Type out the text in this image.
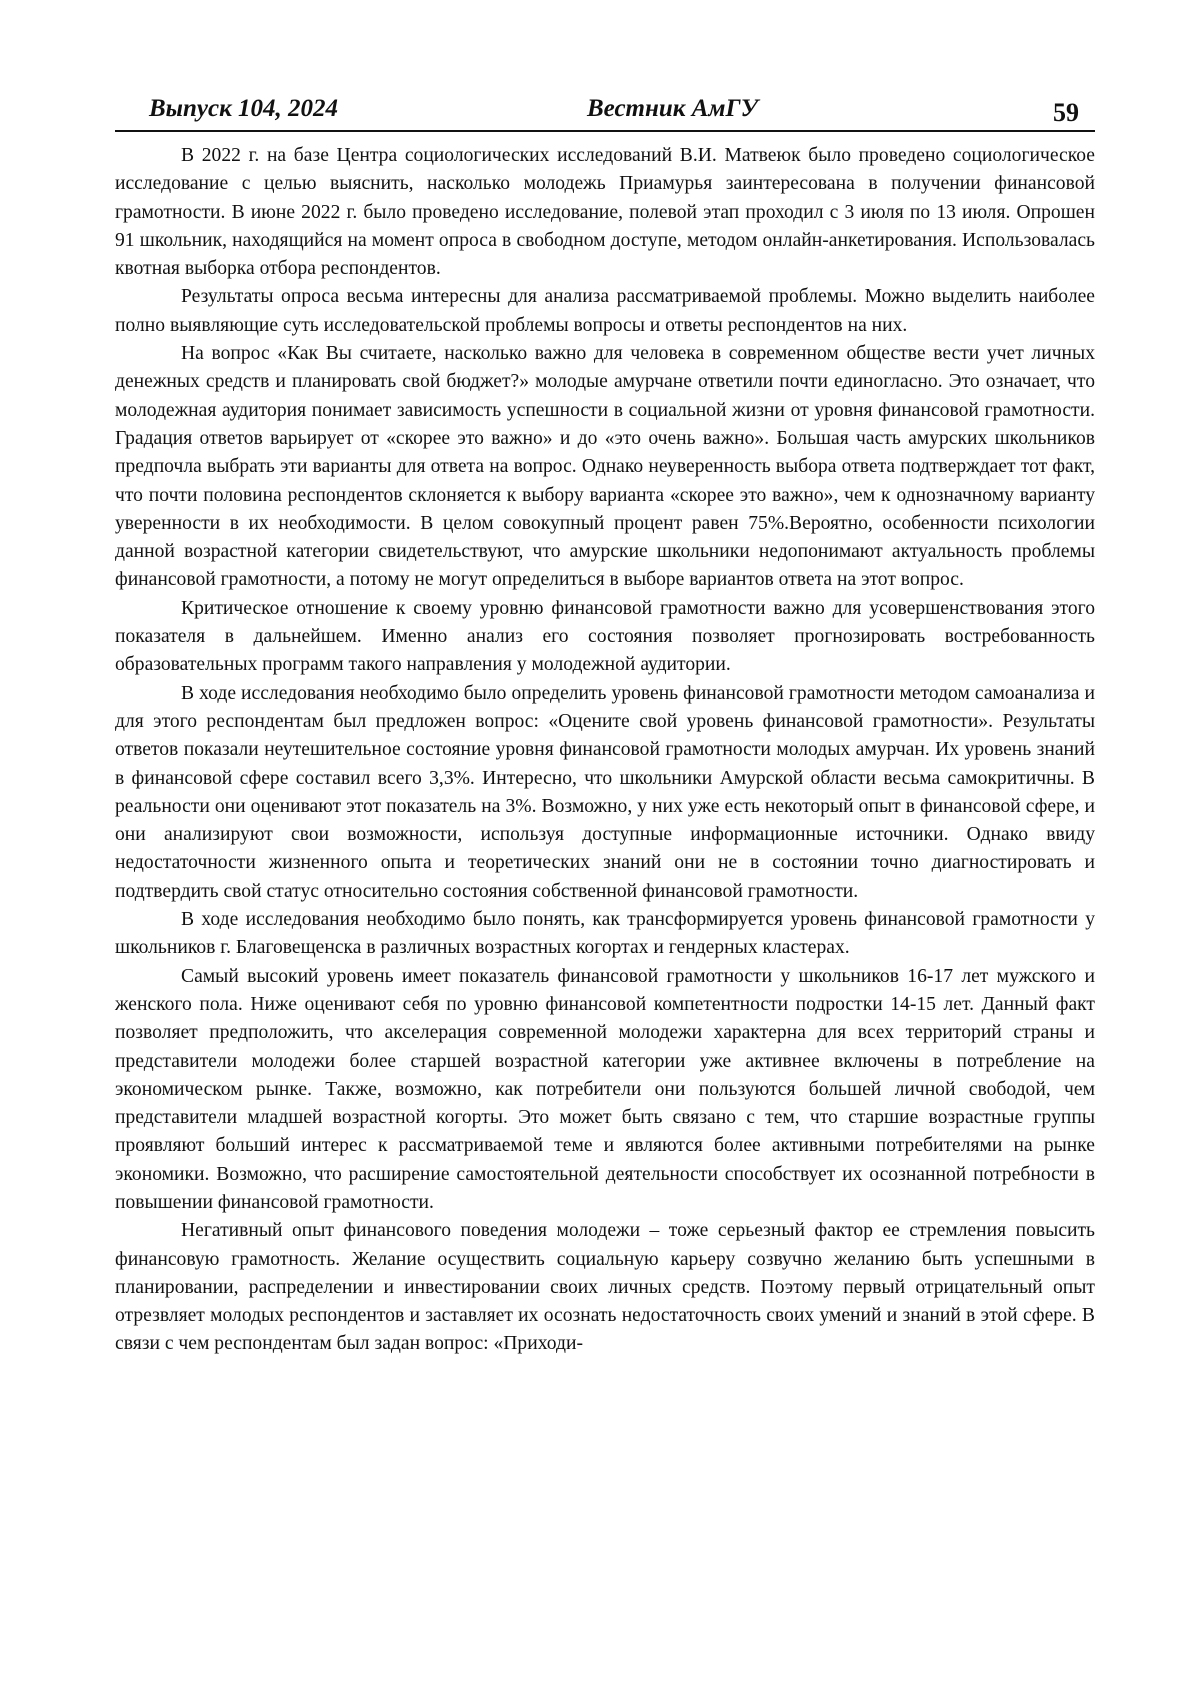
Выпуск 104, 2024	Вестник АмГУ	59

В 2022 г. на базе Центра социологических исследований В.И. Матвеюк было проведено социологическое исследование с целью выяснить, насколько молодежь Приамурья заинтересована в получении финансовой грамотности. В июне 2022 г. было проведено исследование, полевой этап проходил с 3 июля по 13 июля. Опрошен 91 школьник, находящийся на момент опроса в свободном доступе, методом онлайн-анкетирования. Использовалась квотная выборка отбора респондентов.

Результаты опроса весьма интересны для анализа рассматриваемой проблемы. Можно выделить наиболее полно выявляющие суть исследовательской проблемы вопросы и ответы респондентов на них.

На вопрос «Как Вы считаете, насколько важно для человека в современном обществе вести учет личных денежных средств и планировать свой бюджет?» молодые амурчане ответили почти единогласно. Это означает, что молодежная аудитория понимает зависимость успешности в социальной жизни от уровня финансовой грамотности. Градация ответов варьирует от «скорее это важно» и до «это очень важно». Большая часть амурских школьников предпочла выбрать эти варианты для ответа на вопрос. Однако неуверенность выбора ответа подтверждает тот факт, что почти половина респондентов склоняется к выбору варианта «скорее это важно», чем к однозначному варианту уверенности в их необходимости. В целом совокупный процент равен 75%.Вероятно, особенности психологии данной возрастной категории свидетельствуют, что амурские школьники недопонимают актуальность проблемы финансовой грамотности, а потому не могут определиться в выборе вариантов ответа на этот вопрос.

Критическое отношение к своему уровню финансовой грамотности важно для усовершенствования этого показателя в дальнейшем. Именно анализ его состояния позволяет прогнозировать востребованность образовательных программ такого направления у молодежной аудитории.

В ходе исследования необходимо было определить уровень финансовой грамотности методом самоанализа и для этого респондентам был предложен вопрос: «Оцените свой уровень финансовой грамотности». Результаты ответов показали неутешительное состояние уровня финансовой грамотности молодых амурчан. Их уровень знаний в финансовой сфере составил всего 3,3%. Интересно, что школьники Амурской области весьма самокритичны. В реальности они оценивают этот показатель на 3%. Возможно, у них уже есть некоторый опыт в финансовой сфере, и они анализируют свои возможности, используя доступные информационные источники. Однако ввиду недостаточности жизненного опыта и теоретических знаний они не в состоянии точно диагностировать и подтвердить свой статус относительно состояния собственной финансовой грамотности.

В ходе исследования необходимо было понять, как трансформируется уровень финансовой грамотности у школьников г. Благовещенска в различных возрастных когортах и гендерных кластерах.

Самый высокий уровень имеет показатель финансовой грамотности у школьников 16-17 лет мужского и женского пола. Ниже оценивают себя по уровню финансовой компетентности подростки 14-15 лет. Данный факт позволяет предположить, что акселерация современной молодежи характерна для всех территорий страны и представители молодежи более старшей возрастной категории уже активнее включены в потребление на экономическом рынке. Также, возможно, как потребители они пользуются большей личной свободой, чем представители младшей возрастной когорты. Это может быть связано с тем, что старшие возрастные группы проявляют больший интерес к рассматриваемой теме и являются более активными потребителями на рынке экономики. Возможно, что расширение самостоятельной деятельности способствует их осознанной потребности в повышении финансовой грамотности.

Негативный опыт финансового поведения молодежи – тоже серьезный фактор ее стремления повысить финансовую грамотность. Желание осуществить социальную карьеру созвучно желанию быть успешными в планировании, распределении и инвестировании своих личных средств. Поэтому первый отрицательный опыт отрезвляет молодых респондентов и заставляет их осознать недостаточность своих умений и знаний в этой сфере. В связи с чем респондентам был задан вопрос: «Приходи-
